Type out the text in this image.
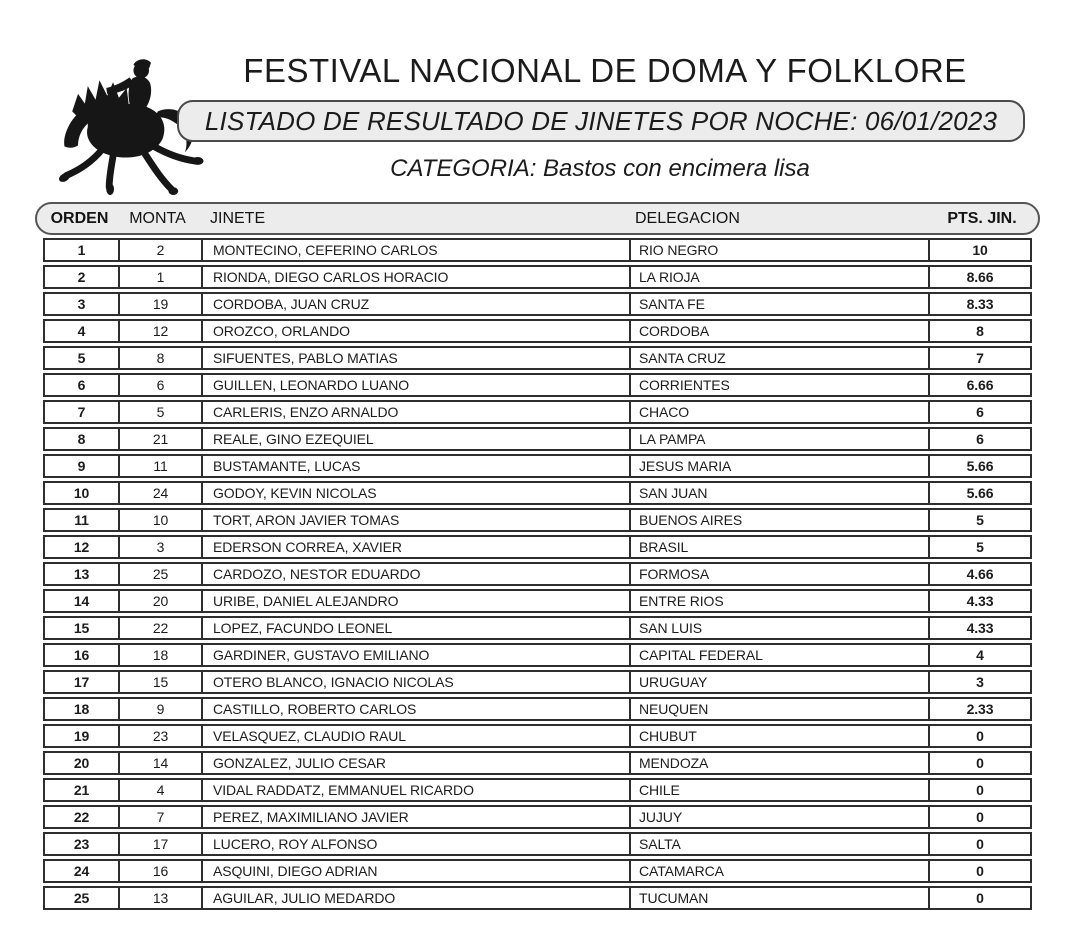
FESTIVAL NACIONAL DE DOMA Y FOLKLORE
LISTADO DE RESULTADO DE JINETES POR NOCHE: 06/01/2023
CATEGORIA: Bastos con encimera lisa
ORDEN	MONTA	JINETE	DELEGACION	PTS. JIN.
1	2	MONTECINO, CEFERINO CARLOS	RIO NEGRO	10
2	1	RIONDA, DIEGO CARLOS HORACIO	LA RIOJA	8.66
3	19	CORDOBA, JUAN CRUZ	SANTA FE	8.33
4	12	OROZCO, ORLANDO	CORDOBA	8
5	8	SIFUENTES, PABLO MATIAS	SANTA CRUZ	7
6	6	GUILLEN, LEONARDO LUANO	CORRIENTES	6.66
7	5	CARLERIS, ENZO ARNALDO	CHACO	6
8	21	REALE, GINO EZEQUIEL	LA PAMPA	6
9	11	BUSTAMANTE, LUCAS	JESUS MARIA	5.66
10	24	GODOY, KEVIN NICOLAS	SAN JUAN	5.66
11	10	TORT, ARON JAVIER TOMAS	BUENOS AIRES	5
12	3	EDERSON CORREA, XAVIER	BRASIL	5
13	25	CARDOZO, NESTOR EDUARDO	FORMOSA	4.66
14	20	URIBE, DANIEL ALEJANDRO	ENTRE RIOS	4.33
15	22	LOPEZ, FACUNDO LEONEL	SAN LUIS	4.33
16	18	GARDINER, GUSTAVO EMILIANO	CAPITAL FEDERAL	4
17	15	OTERO BLANCO, IGNACIO NICOLAS	URUGUAY	3
18	9	CASTILLO, ROBERTO CARLOS	NEUQUEN	2.33
19	23	VELASQUEZ, CLAUDIO RAUL	CHUBUT	0
20	14	GONZALEZ, JULIO CESAR	MENDOZA	0
21	4	VIDAL RADDATZ, EMMANUEL RICARDO	CHILE	0
22	7	PEREZ, MAXIMILIANO JAVIER	JUJUY	0
23	17	LUCERO, ROY ALFONSO	SALTA	0
24	16	ASQUINI, DIEGO ADRIAN	CATAMARCA	0
25	13	AGUILAR, JULIO MEDARDO	TUCUMAN	0
